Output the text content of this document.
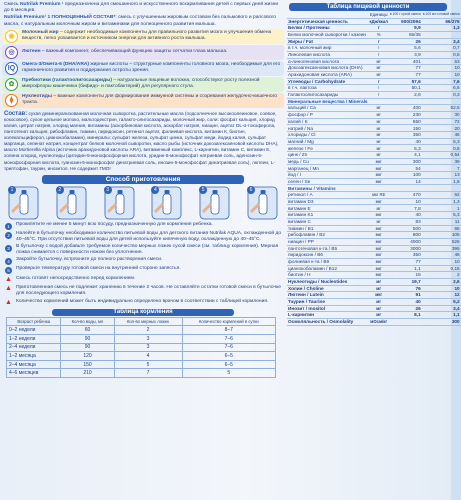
Смесь Nutrilak Premium ¹ предназначена для смешанного и искусственного вскармливания детей с первых дней жизни до 6 месяцев.

Nutrilak Premium¹ 1 ПОЛНОЦЕННЫЙ СОСТАВ*: смесь с улучшенным жировым составом без пальмового и рапсового масла, с натуральным молочным жиром и витаминами для полноценного развития малыша.

◉
Молочный жир – содержит необходимые компоненты для правильного развития мозга и улучшения обмена веществ, легко усваивается и источником энергии для активного роста малыша.
◎	Лютеин – важный компонент, обеспечивающий функцию защиты сетчатки глаза малыша.
IQ	Омега-3/Омега-6 (DHA/ARA) жирные кислоты – структурные компоненты головного мозга, необходимые для его гармоничного развития и поддержания остроты зрения.
✿
Пребиотики (галактоолигосахариды) – натуральные пищевые волокна, способствуют росту полезной микрофлоры кишечника (бифидо- и лактобактерий) для регулярного стула.
⧫
Нуклеотиды – важные компоненты для формирования иммунной системы и созревания желудочно-кишечного тракта.
Состав: сухая деминерализованная молочная сыворотка, растительные масла (подсолнечное высокоолеиновое, соевое, кокосовое), сухое цельное молоко, мальтодекстрин, галакто-олигосахариды, молочный жир, соли: фосфат кальция, хлорид калия, цитрат натрия, хлорид магния, витамины (аскорбиновая кислота, аскорбат натрия, ниацин, ацетат DL-α-токоферола, пантотенат кальция, рибофлавин, тиамин, пиридоксин, ретинол ацетат, фолиевая кислота, витамин К, биотин, холекальциферол, цианокобаламин), минералы: сульфат железа, сульфат цинка, сульфат меди, йодид калия, сульфат марганца, селенат натрия, концентрат белков молочной сыворотки, масло рыбы (источник докозагексаеновой кислоты DHA), масло Mortierella Alpina (источник арахидоновой кислоты ARA), витаминный комплекс, L-карнитин, витамин С, витамин Е, холина хлорид, нуклеотиды (цитидин-5-монофосфорная кислота, уридин-5-монофосфат натриевая соль, аденозин-5-монофосфорная кислота, гуанозин-5-монофосфат динатриевая соль, инозин-5-монофосфат динатриевая соль), лютеин, L-триптофан, таурин, инозитол. Не содержит ГМО!
Способ приготовления
1	2	3	4	5	6
1	Прокипятите не менее 5 минут всю посуду, предназначенную для кормления ребенка.
2	Налейте в бутылочку необходимое количество питьевой воды для детского питания Nutrilak AQUA, охлажденной до 40–45°С. При отсутствии питьевой воды для детей используйте кипяченую воду, охлажденную до 40–45°С.
3	В бутылочку с водой добавьте требуемое количество мерных ложек сухой смеси (см. таблицу кормления). Мерная ложка снимается с поверхности ножом без уплотнения.
4	Закройте бутылочку, встряхните до полного растворения смеси.
5	Проверьте температуру готовой смеси на внутренней стороне запястья.
▲ Смесь готовят непосредственно перед кормлением.
▲ Приготовленная смесь не подлежит хранению в течение 2 часов. Не оставляйте остатки готовой смеси в бутылочке для последующего кормления.
▲ Количество кормлений может быть индивидуально определено врачом в соответствии с таблицей кормления.
Таблица кормления
Возраст ребенка	Кол-во воды, мл	Кол-во мерных ложек	Количество кормлений в сутки
0–2 недели	60	2	8–7
1–2 недели	90	3	7–6
2–4 недели	90	3	7–6
1–2 месяца	120	4	6–5
2–4 месяца	150	5	6–5
4–6 месяцев	210	7	5
Таблица пищевой ценности
	Единицы	в 100 г сухой смеси	в 100 мл готовой смеси
Энергетическая ценность	кДж/ккал	500/2094	66/276
Белки / Протеины	г	9,9	1,3
Белки молочной сыворотки / казеин	%	65/35	
Жиры / Fat	г	26	3,4
в т.ч. молочный жир	г	5,6	0,7
Линолевая кислота	г	3,9	0,5
α-линоленовая кислота	мг	401	53
Докозагексаеновая кислота (DHA)	мг	77	10
Арахидоновая кислота (ARA)	мг	77	10
Углеводы / Carbohydrate	г	57,6	7,6
в т.ч. лактоза	г	50,1	6,6
Галактоолигосахариды	г	2,6	0,3
Минеральные вещества / Minerals			
кальций / Ca	мг	400	52,6
фосфор / P	мг	230	30
калий / K	мг	550	72
натрий / Na	мг	150	20
хлориды / Cl	мг	350	46
магний / Mg	мг	40	5,3
железо / Fe	мг	6,3	0,8
цинк / Zn	мг	4,1	0,54
медь / Cu	мкг	300	39
марганец / Mn	мкг	54	7
йод / I	мкг	100	13
селен / Se	мкг	14	1,8
Витамины / Vitamins			
ретинол / A	мкг RE	470	62
витамин D3	мкг	10	1,3
витамин E	мг	7,8	1
витамин K1	мкг	40	5,3
витамин С	мг	83	11
тиамин / B1	мкг	500	66
рибофлавин / B2	мкг	800	105
ниацин / PP	мкг	4000	526
пантотеновая к-та / B5	мкг	3000	395
пиридоксин / B6	мкг	350	46
фолиевая к-та / B9	мкг	77	10
цианокобаламин / B12	мкг	1,1	0,15
биотин / H	мкг	15	2
Нуклеотиды / Nucleotides	мг	19,7	2,6
Холин / Choline	мг	76	10
Лютеин / Lutein	мкг	91	12
Таурин / Taurine	мг	40	5,2
Инозит / Inositol	мг	26	3,4
L-карнитин	мг	8,1	1,1
Осмоляльность / Osmolality	мОсм/кг		300
